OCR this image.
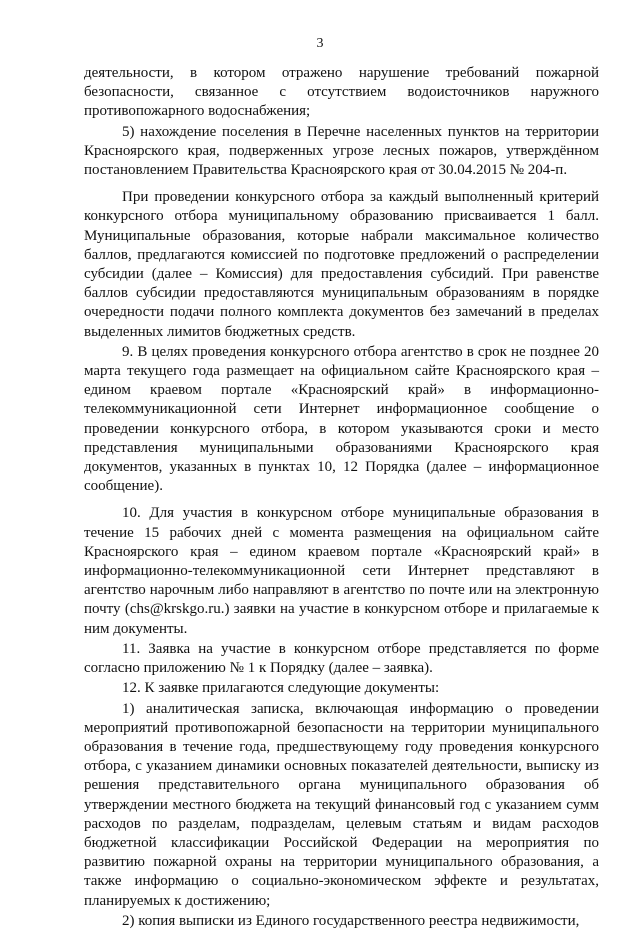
3

деятельности, в котором отражено нарушение требований пожарной безопасности, связанное с отсутствием водоисточников наружного противопожарного водоснабжения;

5) нахождение поселения в Перечне населенных пунктов на территории Красноярского края, подверженных угрозе лесных пожаров, утверждённом постановлением Правительства Красноярского края от 30.04.2015 № 204-п.

При проведении конкурсного отбора за каждый выполненный критерий конкурсного отбора муниципальному образованию присваивается 1 балл. Муниципальные образования, которые набрали максимальное количество баллов, предлагаются комиссией по подготовке предложений о распределении субсидии (далее – Комиссия) для предоставления субсидий. При равенстве баллов субсидии предоставляются муниципальным образованиям в порядке очередности подачи полного комплекта документов без замечаний в пределах выделенных лимитов бюджетных средств.

9. В целях проведения конкурсного отбора агентство в срок не позднее 20 марта текущего года размещает на официальном сайте Красноярского края – едином краевом портале «Красноярский край» в информационно-телекоммуникационной сети Интернет информационное сообщение о проведении конкурсного отбора, в котором указываются сроки и место представления муниципальными образованиями Красноярского края документов, указанных в пунктах 10, 12 Порядка (далее – информационное сообщение).

10. Для участия в конкурсном отборе муниципальные образования в течение 15 рабочих дней с момента размещения на официальном сайте Красноярского края – едином краевом портале «Красноярский край» в информационно-телекоммуникационной сети Интернет представляют в агентство нарочным либо направляют в агентство по почте или на электронную почту (chs@krskgo.ru.) заявки на участие в конкурсном отборе и прилагаемые к ним документы.

11. Заявка на участие в конкурсном отборе представляется по форме согласно приложению № 1 к Порядку (далее – заявка).

12. К заявке прилагаются следующие документы:

1) аналитическая записка, включающая информацию о проведении мероприятий противопожарной безопасности на территории муниципального образования в течение года, предшествующему году проведения конкурсного отбора, с указанием динамики основных показателей деятельности, выписку из решения представительного органа муниципального образования об утверждении местного бюджета на текущий финансовый год с указанием сумм расходов по разделам, подразделам, целевым статьям и видам расходов бюджетной классификации Российской Федерации на мероприятия по развитию пожарной охраны на территории муниципального образования, а также информацию о социально-экономическом эффекте и результатах, планируемых к достижению;

2) копия выписки из Единого государственного реестра недвижимости,
